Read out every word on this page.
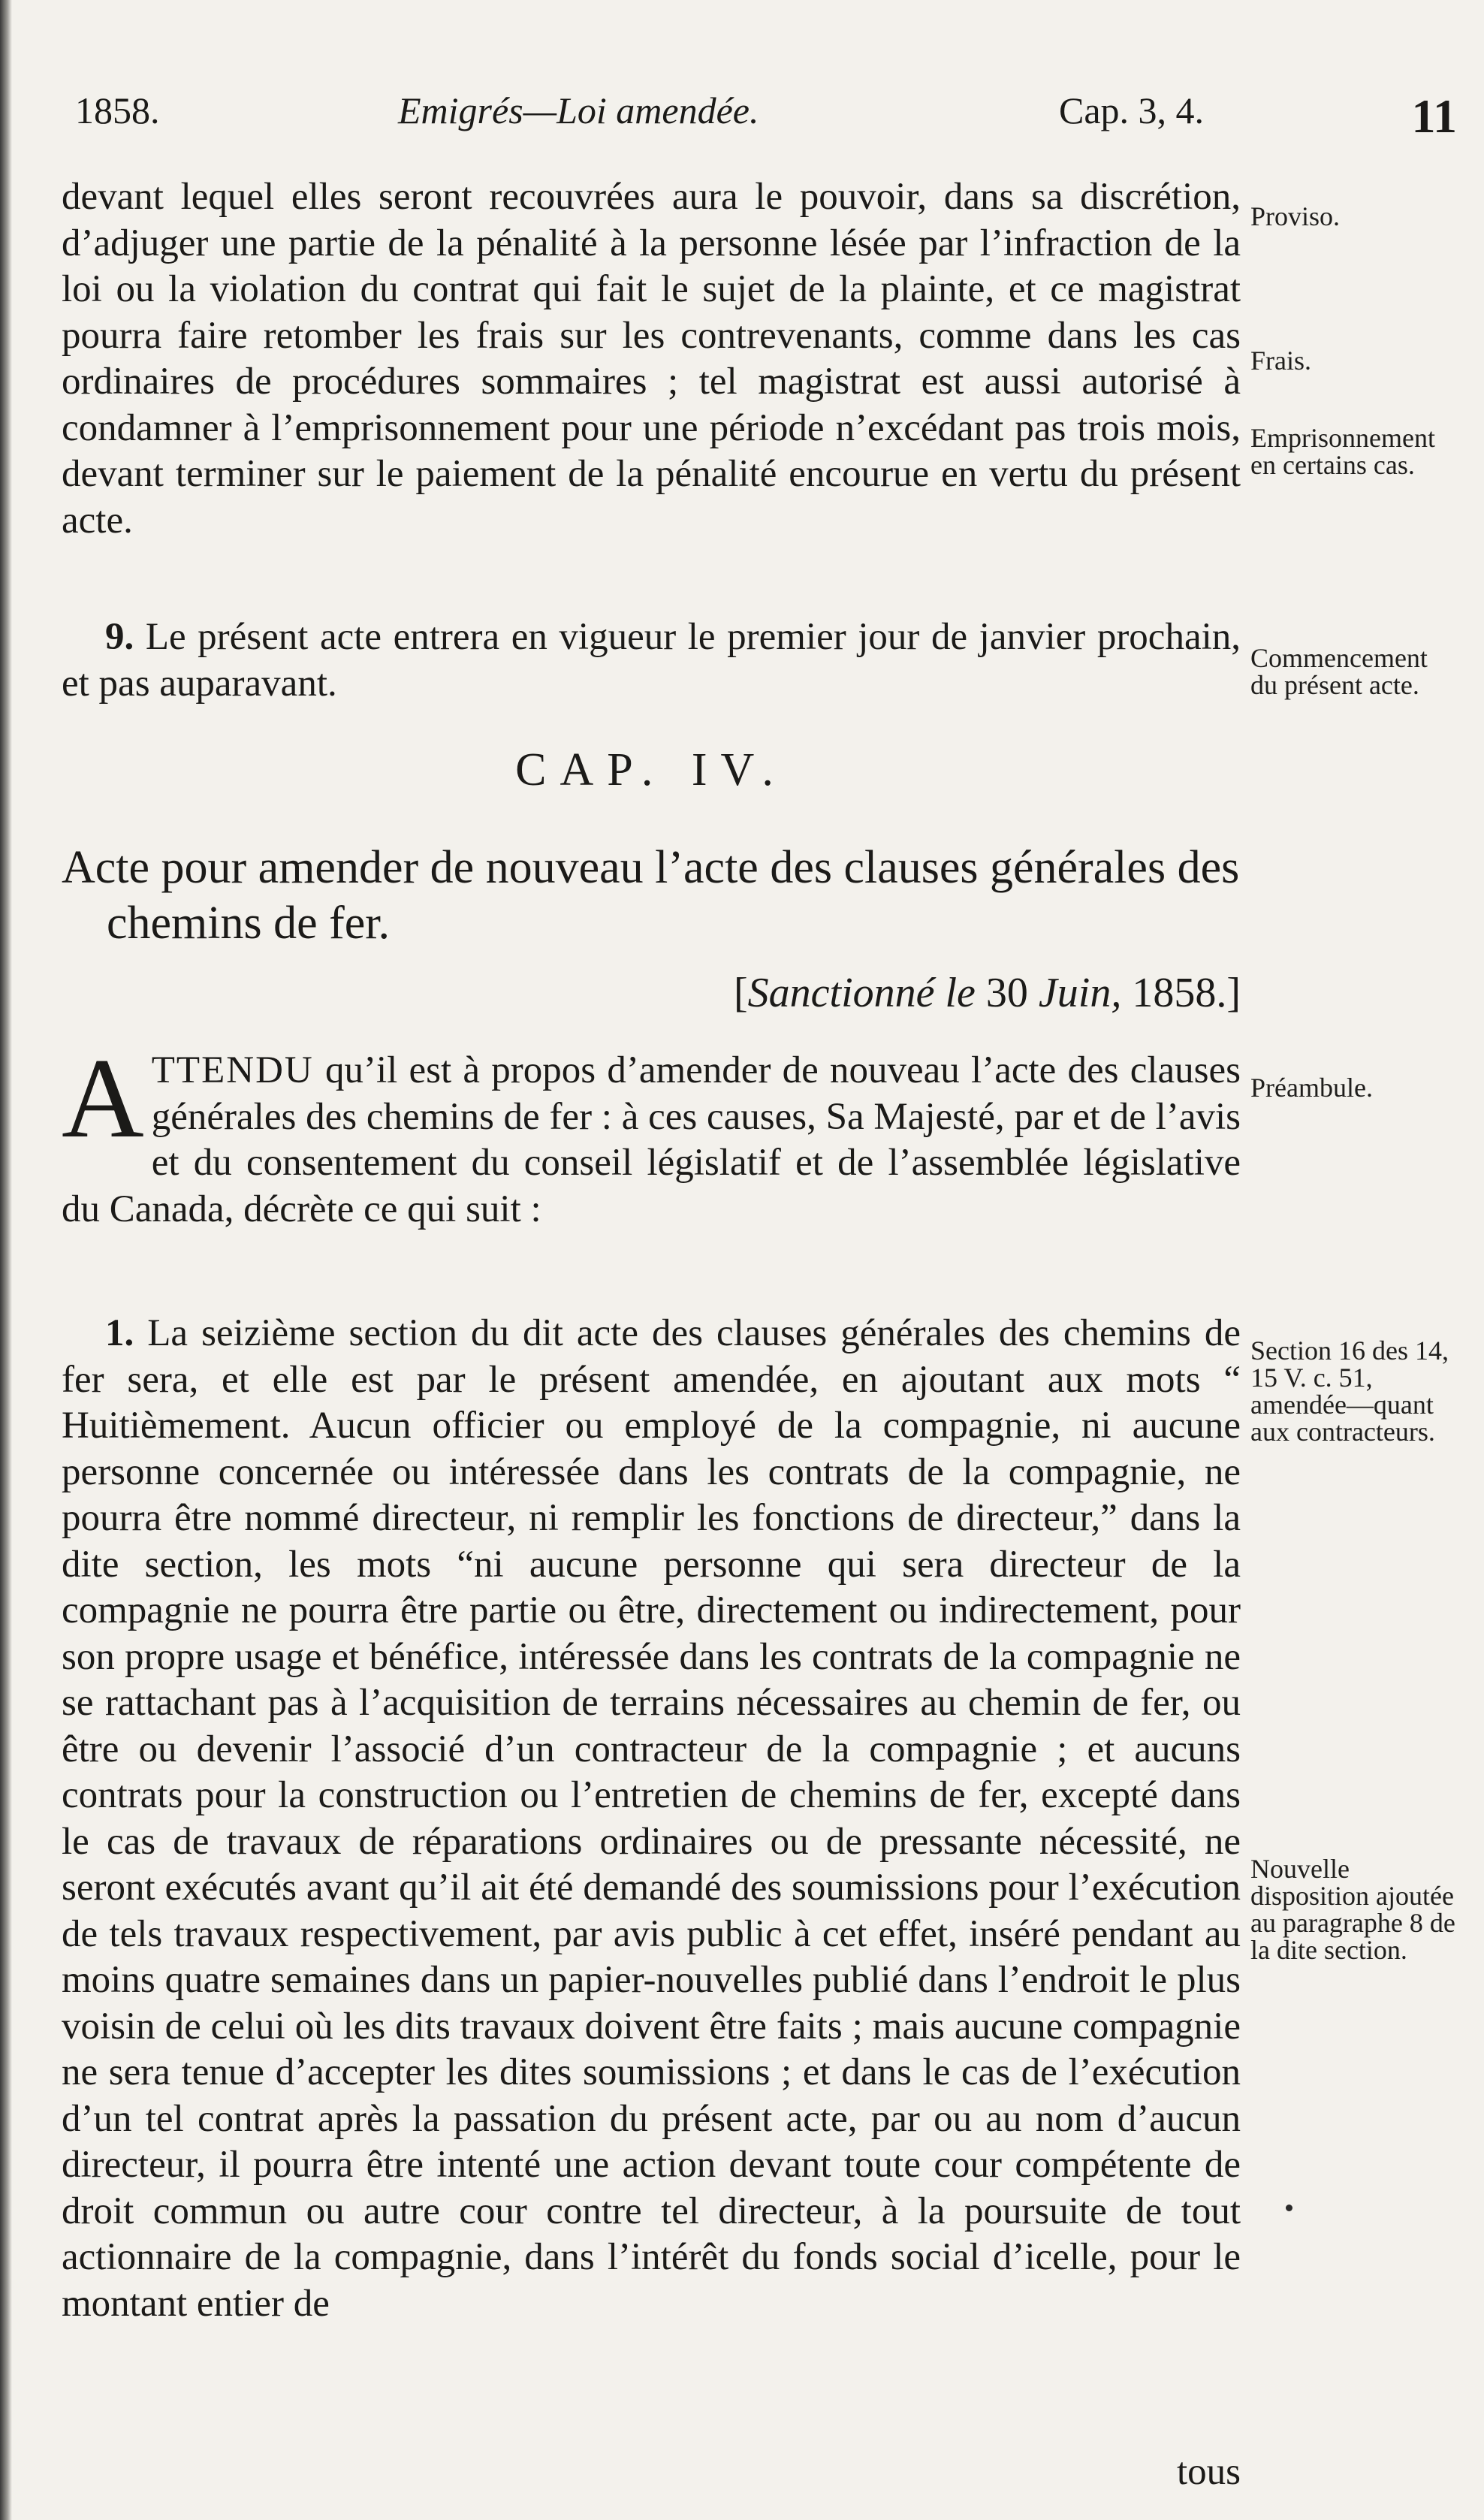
1858.	Emigrés—Loi amendée.	Cap. 3, 4.	11
devant lequel elles seront recouvrées aura le pouvoir, dans sa discrétion, d’adjuger une partie de la pénalité à la personne lésée par l’infraction de la loi ou la violation du contrat qui fait le sujet de la plainte, et ce magistrat pourra faire retomber les frais sur les contrevenants, comme dans les cas ordinaires de procédures sommaires ; tel magistrat est aussi autorisé à condamner à l’emprisonnement pour une période n’excédant pas trois mois, devant terminer sur le paiement de la pénalité encourue en vertu du présent acte.
9. Le présent acte entrera en vigueur le premier jour de janvier prochain, et pas auparavant.
CAP. IV.
Acte pour amender de nouveau l’acte des clauses générales des chemins de fer.
[Sanctionné le 30 Juin, 1858.]
ATTENDU qu’il est à propos d’amender de nouveau l’acte des clauses générales des chemins de fer : à ces causes, Sa Majesté, par et de l’avis et du consentement du conseil législatif et de l’assemblée législative du Canada, décrète ce qui suit :
1. La seizième section du dit acte des clauses générales des chemins de fer sera, et elle est par le présent amendée, en ajoutant aux mots “ Huitièmement. Aucun officier ou employé de la compagnie, ni aucune personne concernée ou intéressée dans les contrats de la compagnie, ne pourra être nommé directeur, ni remplir les fonctions de directeur,” dans la dite section, les mots “ni aucune personne qui sera directeur de la compagnie ne pourra être partie ou être, directement ou indirectement, pour son propre usage et bénéfice, intéressée dans les contrats de la compagnie ne se rattachant pas à l’acquisition de terrains nécessaires au chemin de fer, ou être ou devenir l’associé d’un contracteur de la compagnie ; et aucuns contrats pour la construction ou l’entretien de chemins de fer, excepté dans le cas de travaux de réparations ordinaires ou de pressante nécessité, ne seront exécutés avant qu’il ait été demandé des soumissions pour l’exécution de tels travaux respectivement, par avis public à cet effet, inséré pendant au moins quatre semaines dans un papier-nouvelles publié dans l’endroit le plus voisin de celui où les dits travaux doivent être faits ; mais aucune compagnie ne sera tenue d’accepter les dites soumissions ; et dans le cas de l’exécution d’un tel contrat après la passation du présent acte, par ou au nom d’aucun directeur, il pourra être intenté une action devant toute cour compétente de droit commun ou autre cour contre tel directeur, à la poursuite de tout actionnaire de la compagnie, dans l’intérêt du fonds social d’icelle, pour le montant entier de
tous
Proviso.
Frais.
Emprisonnement en certains cas.
Commencement du présent acte.
Préambule.
Section 16 des 14, 15 V. c. 51, amendée—quant aux contracteurs.
Nouvelle disposition ajoutée au paragraphe 8 de la dite section.
